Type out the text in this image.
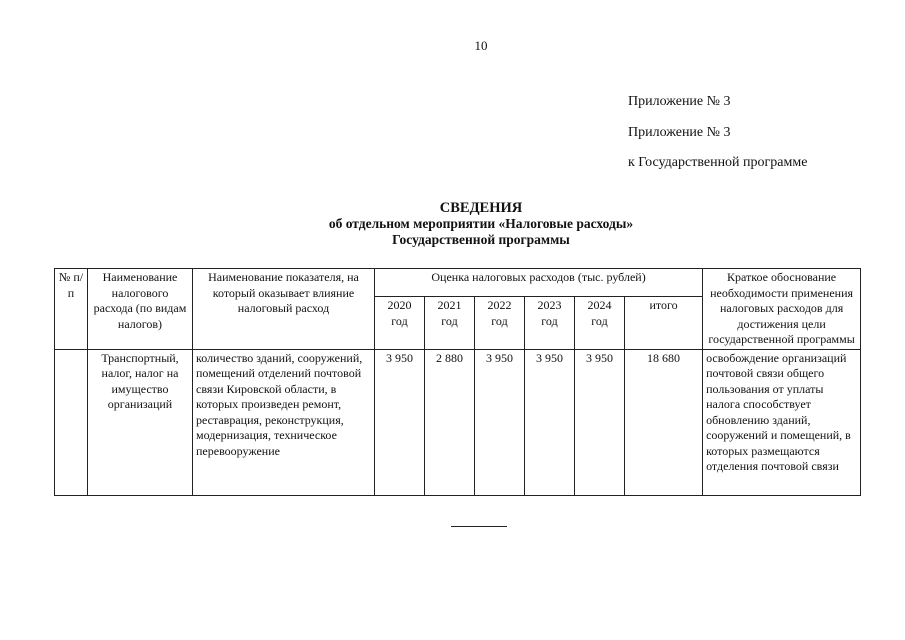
10
Приложение № 3
Приложение № 3
к Государственной программе
СВЕДЕНИЯ
об отдельном мероприятии «Налоговые расходы»
Государственной программы
№ п/п	Наименование налогового расхода (по видам налогов)	Наименование показателя, на который оказывает влияние налоговый расход	Оценка налоговых расходов (тыс. рублей)						Краткое обоснование необходимости применения налоговых расходов для достижения цели государственной программы
			2020 год	2021 год	2022 год	2023 год	2024 год	итого	
	Транспортный, налог, налог на имущество организаций	количество зданий, сооружений, помещений отделений почтовой связи Кировской области, в которых произведен ремонт, реставрация, реконструкция, модернизация, техническое перевооружение	3 950	2 880	3 950	3 950	3 950	18 680	освобождение организаций почтовой связи общего пользования от уплаты налога способствует обновлению зданий, сооружений и помещений, в которых размещаются отделения почтовой связи
